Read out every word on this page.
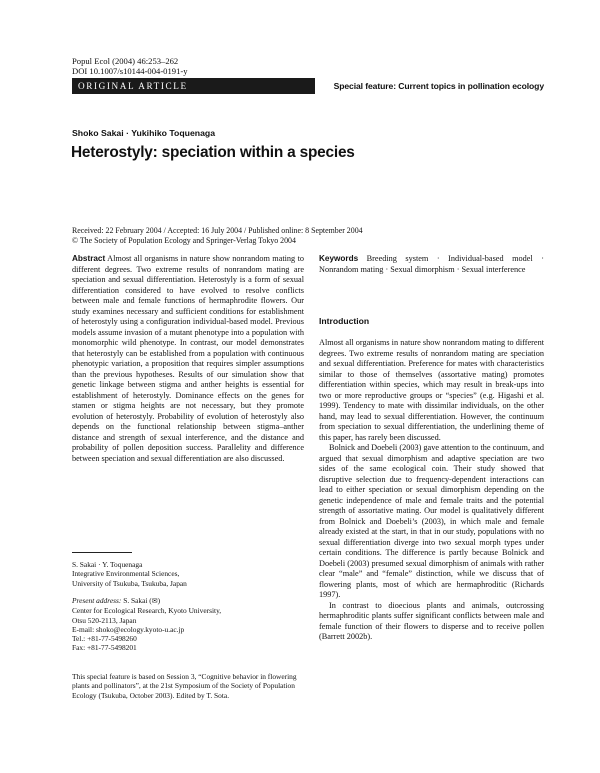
Popul Ecol (2004) 46:253–262
DOI 10.1007/s10144-004-0191-y
ORIGINAL ARTICLE	Special feature: Current topics in pollination ecology
Shoko Sakai · Yukihiko Toquenaga
Heterostyly: speciation within a species
Received: 22 February 2004 / Accepted: 16 July 2004 / Published online: 8 September 2004
© The Society of Population Ecology and Springer-Verlag Tokyo 2004
Abstract Almost all organisms in nature show nonrandom mating to different degrees. Two extreme results of nonrandom mating are speciation and sexual differentiation. Heterostyly is a form of sexual differentiation considered to have evolved to resolve conflicts between male and female functions of hermaphrodite flowers. Our study examines necessary and sufficient conditions for establishment of heterostyly using a configuration individual-based model. Previous models assume invasion of a mutant phenotype into a population with monomorphic wild phenotype. In contrast, our model demonstrates that heterostyly can be established from a population with continuous phenotypic variation, a proposition that requires simpler assumptions than the previous hypotheses. Results of our simulation show that genetic linkage between stigma and anther heights is essential for establishment of heterostyly. Dominance effects on the genes for stamen or stigma heights are not necessary, but they promote evolution of heterostyly. Probability of evolution of heterostyly also depends on the functional relationship between stigma–anther distance and strength of sexual interference, and the distance and probability of pollen deposition success. Parallelity and difference between speciation and sexual differentiation are also discussed.
Keywords Breeding system · Individual-based model · Nonrandom mating · Sexual dimorphism · Sexual interference
Introduction

Almost all organisms in nature show nonrandom mating to different degrees. Two extreme results of nonrandom mating are speciation and sexual differentiation. Preference for mates with characteristics similar to those of themselves (assortative mating) promotes differentiation within species, which may result in break-ups into two or more reproductive groups or “species” (e.g. Higashi et al. 1999). Tendency to mate with dissimilar individuals, on the other hand, may lead to sexual differentiation. However, the continuum from speciation to sexual differentiation, the underlining theme of this paper, has rarely been discussed.

Bolnick and Doebeli (2003) gave attention to the continuum, and argued that sexual dimorphism and adaptive speciation are two sides of the same ecological coin. Their study showed that disruptive selection due to frequency-dependent interactions can lead to either speciation or sexual dimorphism depending on the genetic independence of male and female traits and the potential strength of assortative mating. Our model is qualitatively different from Bolnick and Doebeli’s (2003), in which male and female already existed at the start, in that in our study, populations with no sexual differentiation diverge into two sexual morph types under certain conditions. The difference is partly because Bolnick and Doebeli (2003) presumed sexual dimorphism of animals with rather clear “male” and “female” distinction, while we discuss that of flowering plants, most of which are hermaphroditic (Richards 1997).

In contrast to dioecious plants and animals, outcrossing hermaphroditic plants suffer significant conflicts between male and female function of their flowers to disperse and to receive pollen (Barrett 2002b).

S. Sakai · Y. Toquenaga
Integrative Environmental Sciences,
University of Tsukuba, Tsukuba, Japan
Present address: S. Sakai (✉)
Center for Ecological Research, Kyoto University,
Otsu 520-2113, Japan
E-mail: shoko@ecology.kyoto-u.ac.jp
Tel.: +81-77-5498260
Fax: +81-77-5498201
This special feature is based on Session 3, “Cognitive behavior in flowering plants and pollinators”, at the 21st Symposium of the Society of Population Ecology (Tsukuba, October 2003). Edited by T. Sota.
